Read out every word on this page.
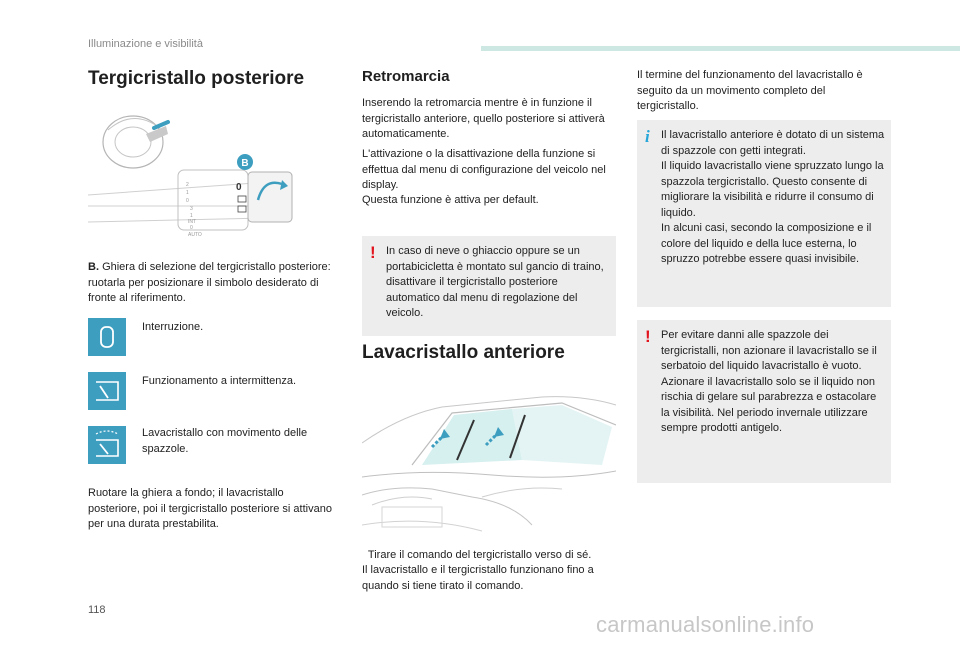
Illuminazione e visibilità
Tergicristallo posteriore
B
0
2
1
0
3
1
INT
0
AUTO
B. Ghiera di selezione del tergicristallo posteriore: ruotarla per posizionare il simbolo desiderato di fronte al riferimento.
Interruzione.
Funzionamento a intermittenza.
Lavacristallo con movimento delle spazzole.
Ruotare la ghiera a fondo; il lavacristallo posteriore, poi il tergicristallo posteriore si attivano per una durata prestabilita.
Retromarcia
Inserendo la retromarcia mentre è in funzione il tergicristallo anteriore, quello posteriore si attiverà automaticamente.
L'attivazione o la disattivazione della funzione si effettua dal menu di configurazione del veicolo nel display.
Questa funzione è attiva per default.
! In caso di neve o ghiaccio oppure se un portabicicletta è montato sul gancio di traino, disattivare il tergicristallo posteriore automatico dal menu di regolazione del veicolo.
Lavacristallo anteriore
Tirare il comando del tergicristallo verso di sé.
Il lavacristallo e il tergicristallo funzionano fino a quando si tiene tirato il comando.
Il termine del funzionamento del lavacristallo è seguito da un movimento completo del tergicristallo.
i Il lavacristallo anteriore è dotato di un sistema di spazzole con getti integrati.
Il liquido lavacristallo viene spruzzato lungo la spazzola tergicristallo. Questo consente di migliorare la visibilità e ridurre il consumo di liquido.
In alcuni casi, secondo la composizione e il colore del liquido e della luce esterna, lo spruzzo potrebbe essere quasi invisibile.
! Per evitare danni alle spazzole dei tergicristalli, non azionare il lavacristallo se il serbatoio del liquido lavacristallo è vuoto.
Azionare il lavacristallo solo se il liquido non rischia di gelare sul parabrezza e ostacolare la visibilità. Nel periodo invernale utilizzare sempre prodotti antigelo.
118
carmanualsonline.info
